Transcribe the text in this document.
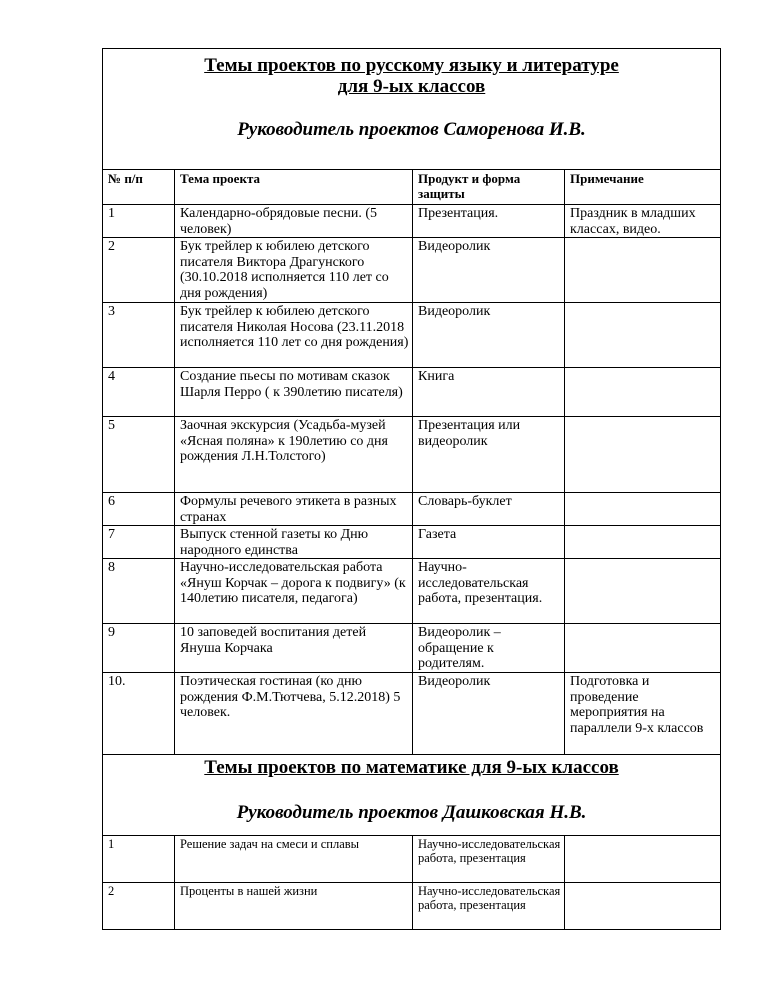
Темы проектов по русскому языку и литературе
для 9-ых классов
Руководитель проектов Саморенова И.В.			

№ п/п	Тема проекта	Продукт и форма защиты	Примечание
1	Календарно-обрядовые песни. (5 человек)	Презентация.	Праздник в младших классах, видео.
2	Бук трейлер к юбилею детского писателя Виктора Драгунского (30.10.2018 исполняется 110 лет со дня рождения)	Видеоролик	
3	Бук трейлер к юбилею детского писателя Николая Носова (23.11.2018 исполняется 110 лет со дня рождения)	Видеоролик	
4	Создание пьесы по мотивам сказок Шарля Перро ( к 390летию писателя)	Книга	
5	Заочная экскурсия (Усадьба-музей «Ясная поляна» к 190летию со дня рождения Л.Н.Толстого)	Презентация или видеоролик	
6	Формулы речевого этикета в разных странах	Словарь-буклет	
7	Выпуск стенной газеты ко Дню народного единства	Газета	
8	Научно-исследовательская работа «Януш Корчак – дорога к подвигу» (к 140летию писателя, педагога)	Научно-исследовательская работа, презентация.	
9	10 заповедей воспитания детей Януша Корчака	Видеоролик – обращение к родителям.	
10.	Поэтическая гостиная (ко дню рождения Ф.М.Тютчева, 5.12.2018) 5 человек.	Видеоролик	Подготовка и проведение мероприятия на параллели 9-х классов

Темы проектов по математике для 9-ых классов
Руководитель проектов Дашковская Н.В.			

1	Решение задач на смеси и сплавы	Научно-исследовательская работа, презентация	
2	Проценты в нашей жизни	Научно-исследовательская работа, презентация	
